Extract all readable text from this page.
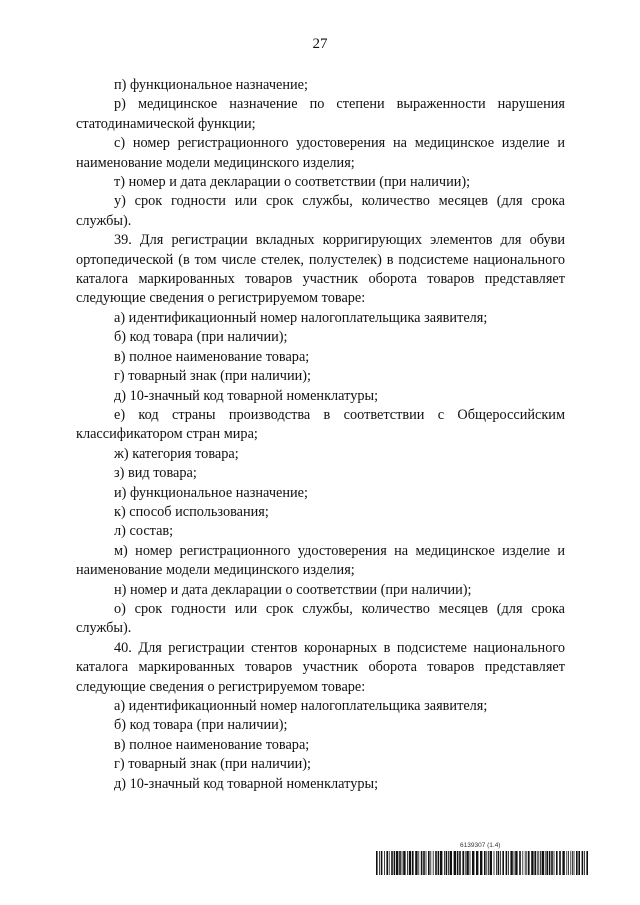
27

п) функциональное назначение;

р) медицинское назначение по степени выраженности нарушения статодинамической функции;

с) номер регистрационного удостоверения на медицинское изделие и наименование модели медицинского изделия;

т) номер и дата декларации о соответствии (при наличии);

у) срок годности или срок службы, количество месяцев (для срока службы).

39. Для регистрации вкладных корригирующих элементов для обуви ортопедической (в том числе стелек, полустелек) в подсистеме национального каталога маркированных товаров участник оборота товаров представляет следующие сведения о регистрируемом товаре:

а) идентификационный номер налогоплательщика заявителя;

б) код товара (при наличии);

в) полное наименование товара;

г) товарный знак (при наличии);

д) 10-значный код товарной номенклатуры;

е) код страны производства в соответствии с Общероссийским классификатором стран мира;

ж) категория товара;

з) вид товара;

и) функциональное назначение;

к) способ использования;

л) состав;

м) номер регистрационного удостоверения на медицинское изделие и наименование модели медицинского изделия;

н) номер и дата декларации о соответствии (при наличии);

о) срок годности или срок службы, количество месяцев (для срока службы).

40. Для регистрации стентов коронарных в подсистеме национального каталога маркированных товаров участник оборота товаров представляет следующие сведения о регистрируемом товаре:

а) идентификационный номер налогоплательщика заявителя;

б) код товара (при наличии);

в) полное наименование товара;

г) товарный знак (при наличии);

д) 10-значный код товарной номенклатуры;

6139307 (1.4)
